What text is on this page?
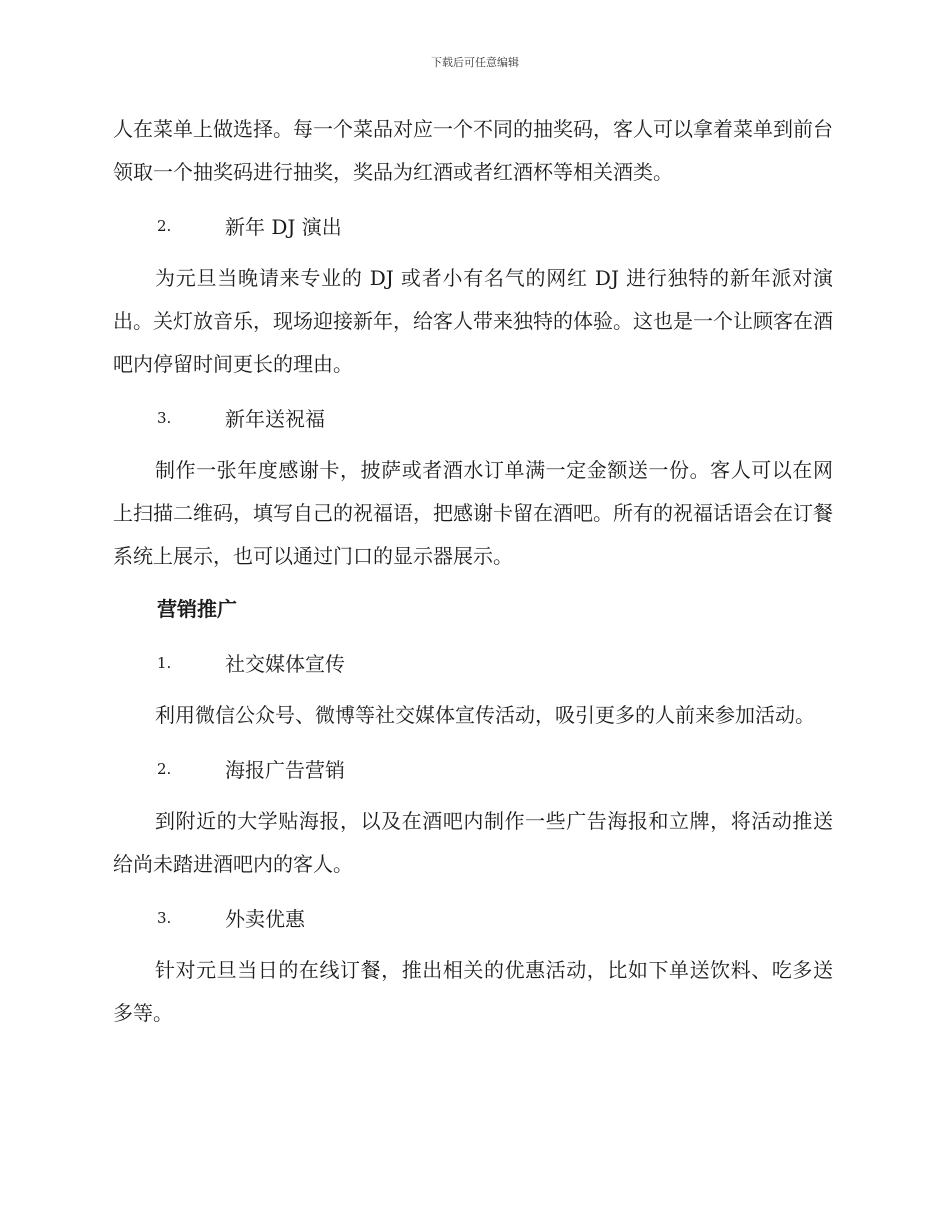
下载后可任意编辑

人在菜单上做选择。每一个菜品对应一个不同的抽奖码，客人可以拿着菜单到前台领取一个抽奖码进行抽奖，奖品为红酒或者红酒杯等相关酒类。

2.	新年 DJ 演出

为元旦当晚请来专业的 DJ 或者小有名气的网红 DJ 进行独特的新年派对演出。关灯放音乐，现场迎接新年，给客人带来独特的体验。这也是一个让顾客在酒吧内停留时间更长的理由。

3.	新年送祝福

制作一张年度感谢卡，披萨或者酒水订单满一定金额送一份。客人可以在网上扫描二维码，填写自己的祝福语，把感谢卡留在酒吧。所有的祝福话语会在订餐系统上展示，也可以通过门口的显示器展示。

营销推广
1.	社交媒体宣传

利用微信公众号、微博等社交媒体宣传活动，吸引更多的人前来参加活动。

2.	海报广告营销

到附近的大学贴海报，以及在酒吧内制作一些广告海报和立牌，将活动推送给尚未踏进酒吧内的客人。

3.	外卖优惠

针对元旦当日的在线订餐，推出相关的优惠活动，比如下单送饮料、吃多送多等。
